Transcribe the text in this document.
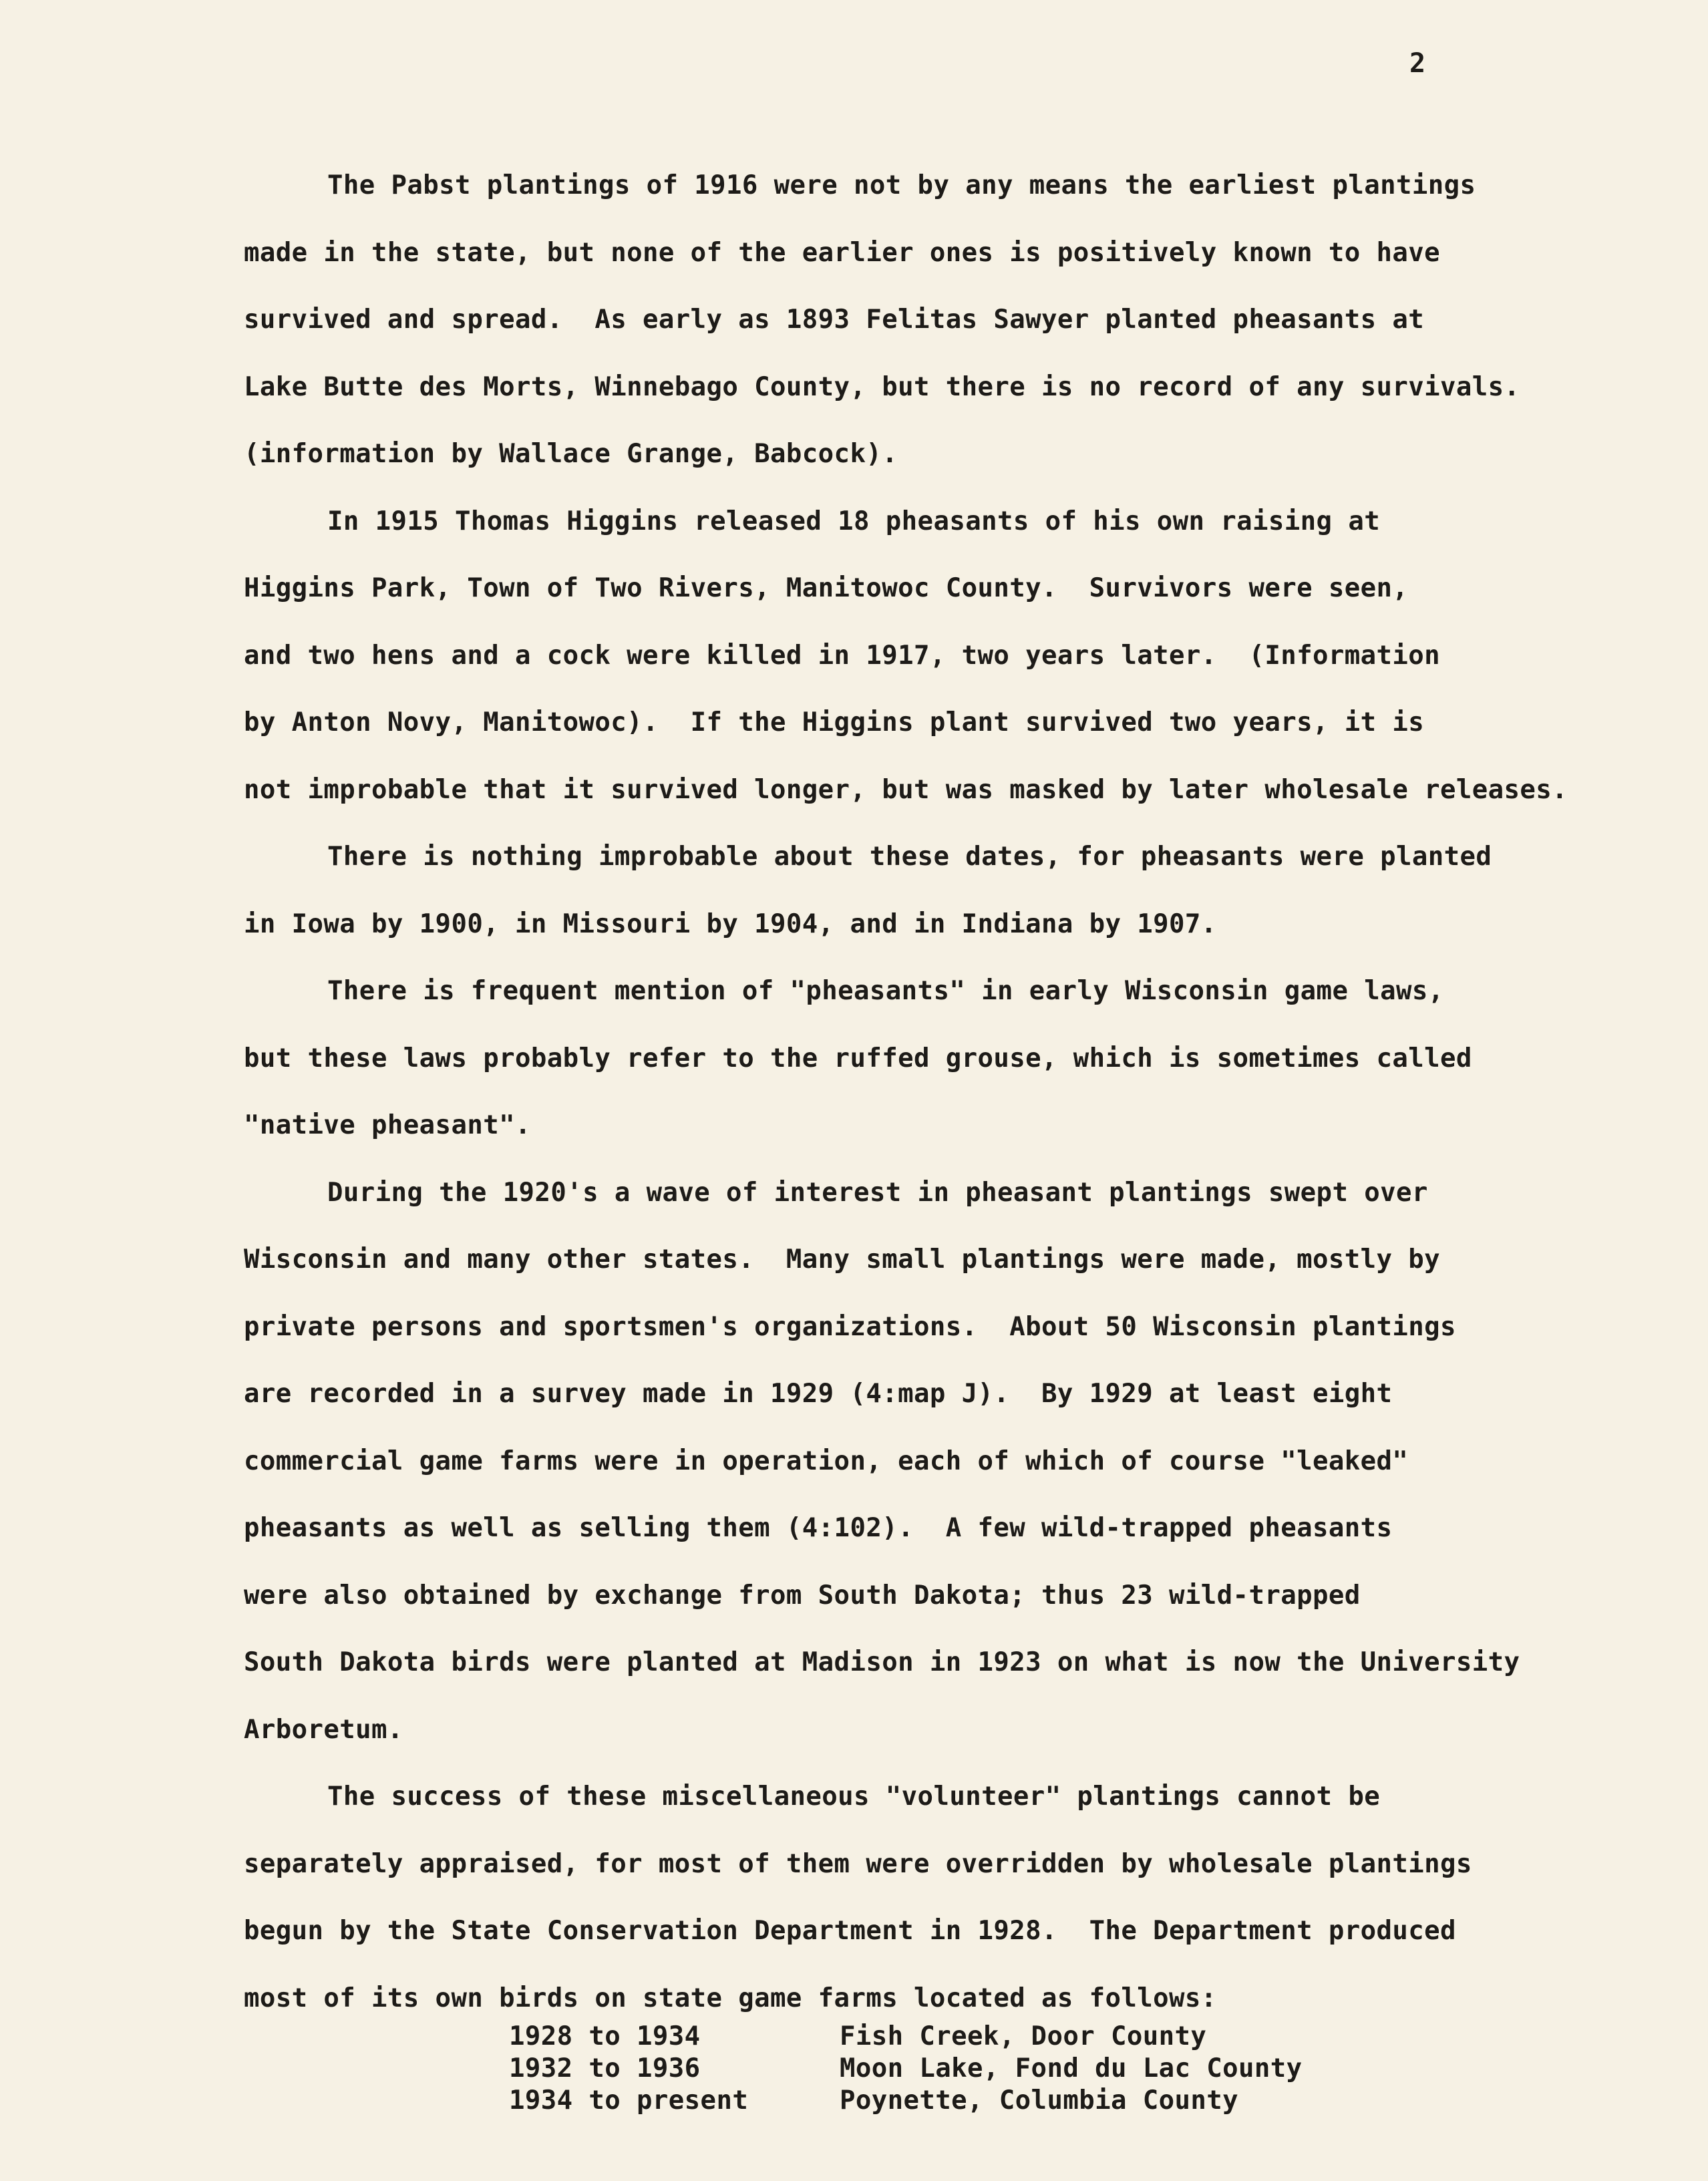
2
The Pabst plantings of 1916 were not by any means the earliest plantings
made in the state, but none of the earlier ones is positively known to have
survived and spread.  As early as 1893 Felitas Sawyer planted pheasants at
Lake Butte des Morts, Winnebago County, but there is no record of any survivals.
(information by Wallace Grange, Babcock).
In 1915 Thomas Higgins released 18 pheasants of his own raising at
Higgins Park, Town of Two Rivers, Manitowoc County.  Survivors were seen,
and two hens and a cock were killed in 1917, two years later.  (Information
by Anton Novy, Manitowoc).  If the Higgins plant survived two years, it is
not improbable that it survived longer, but was masked by later wholesale releases.
There is nothing improbable about these dates, for pheasants were planted
in Iowa by 1900, in Missouri by 1904, and in Indiana by 1907.
There is frequent mention of "pheasants" in early Wisconsin game laws,
but these laws probably refer to the ruffed grouse, which is sometimes called
"native pheasant".
During the 1920's a wave of interest in pheasant plantings swept over
Wisconsin and many other states.  Many small plantings were made, mostly by
private persons and sportsmen's organizations.  About 50 Wisconsin plantings
are recorded in a survey made in 1929 (4:map J).  By 1929 at least eight
commercial game farms were in operation, each of which of course "leaked"
pheasants as well as selling them (4:102).  A few wild-trapped pheasants
were also obtained by exchange from South Dakota; thus 23 wild-trapped
South Dakota birds were planted at Madison in 1923 on what is now the University
Arboretum.
The success of these miscellaneous "volunteer" plantings cannot be
separately appraised, for most of them were overridden by wholesale plantings
begun by the State Conservation Department in 1928.  The Department produced
most of its own birds on state game farms located as follows:
1928 to 1934	Fish Creek, Door County
1932 to 1936	Moon Lake, Fond du Lac County
1934 to present	Poynette, Columbia County
